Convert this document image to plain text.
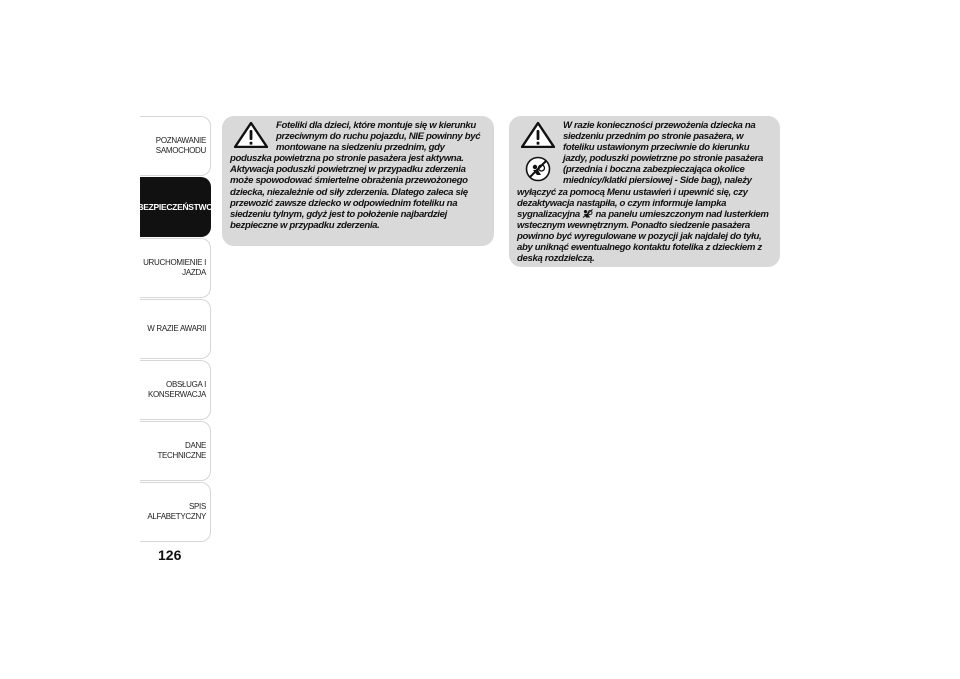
POZNAWANIE
SAMOCHODU
BEZPIECZEŃSTWO
URUCHOMIENIE I
JAZDA
W RAZIE AWARII
OBSŁUGA I
KONSERWACJA
DANE TECHNICZNE
SPIS ALFABETYCZNY
126

Foteliki dla dzieci, które montuje się w kierunku przeciwnym do ruchu pojazdu, NIE powinny być montowane na siedzeniu przednim, gdy poduszka powietrzna po stronie pasażera jest aktywna. Aktywacja poduszki powietrznej w przypadku zderzenia może spowodować śmiertelne obrażenia przewożonego dziecka, niezależnie od siły zderzenia. Dlatego zaleca się przewozić zawsze dziecko w odpowiednim foteliku na siedzeniu tylnym, gdyż jest to położenie najbardziej bezpieczne w przypadku zderzenia.

W razie konieczności przewożenia dziecka na siedzeniu przednim po stronie pasażera, w foteliku ustawionym przeciwnie do kierunku jazdy, poduszki powietrzne po stronie pasażera (przednia i boczna zabezpieczająca okolice miednicy/klatki piersiowej - Side bag), należy wyłączyć za pomocą Menu ustawień i upewnić się, czy dezaktywacja nastąpiła, o czym informuje lampka sygnalizacyjna  na panelu umieszczonym nad lusterkiem wstecznym wewnętrznym. Ponadto siedzenie pasażera powinno być wyregulowane w pozycji jak najdalej do tyłu, aby uniknąć ewentualnego kontaktu fotelika z dzieckiem z deską rozdzielczą.
